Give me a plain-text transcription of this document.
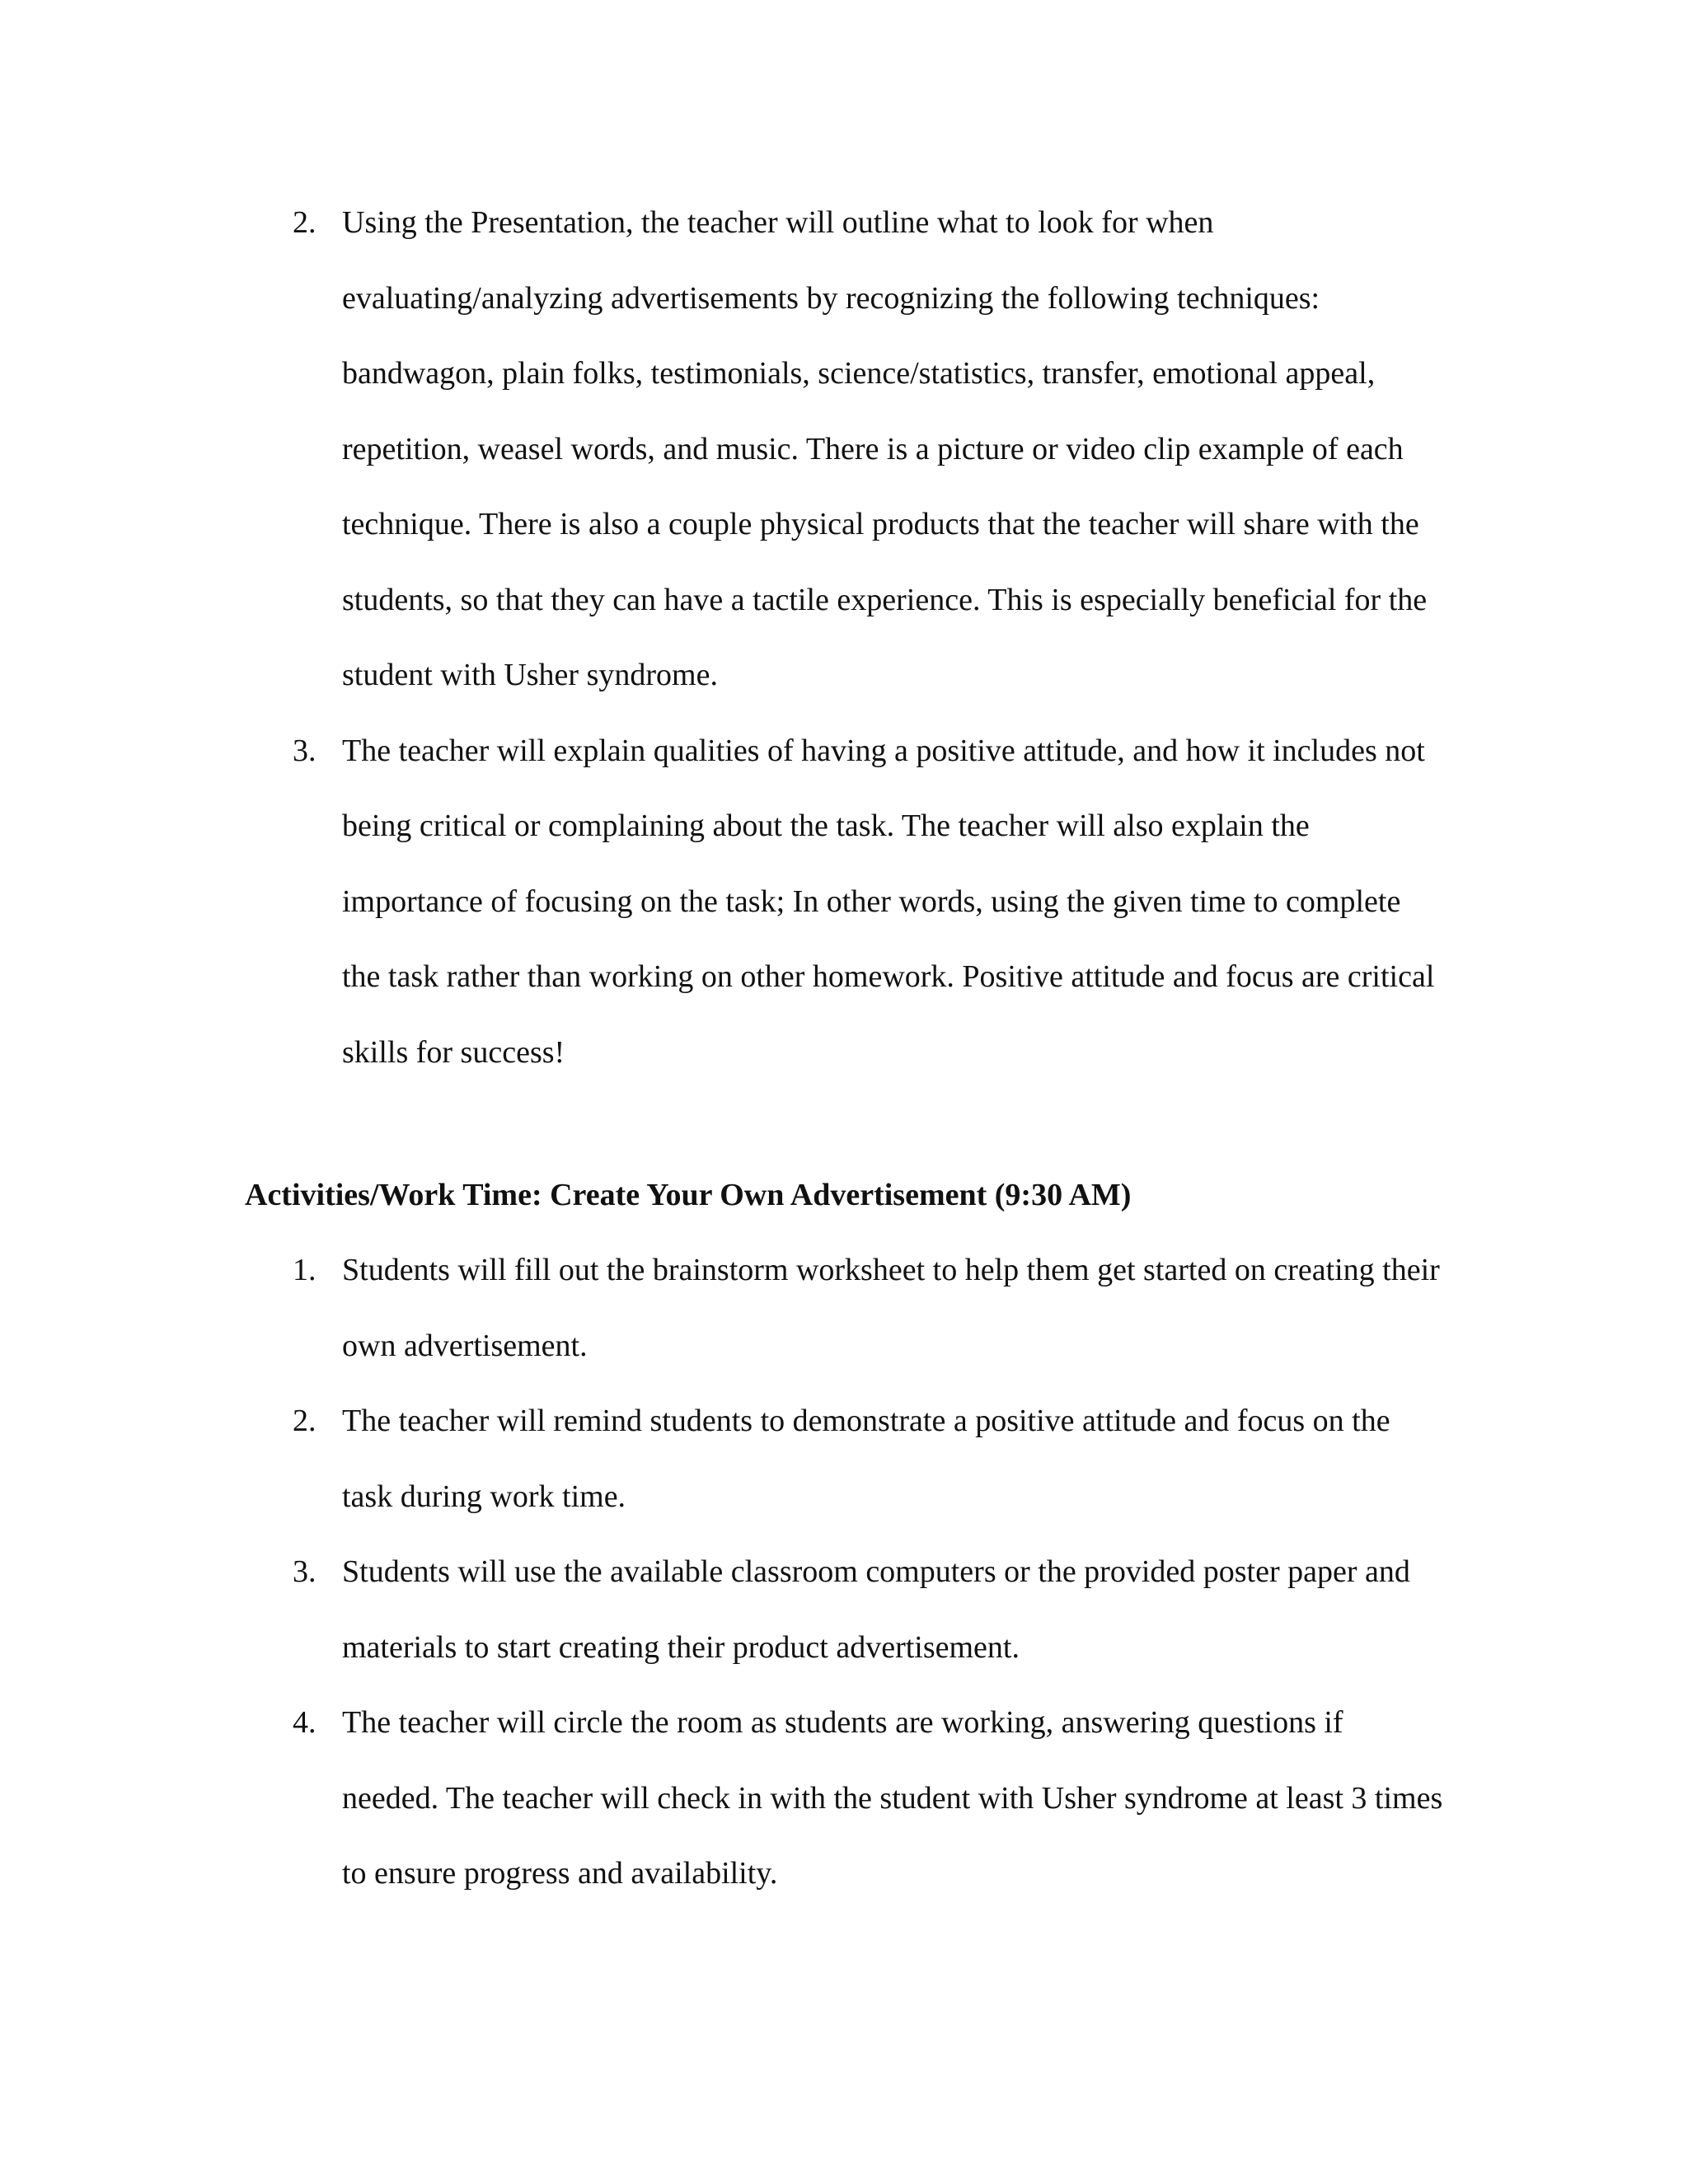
2. Using the Presentation, the teacher will outline what to look for when evaluating/analyzing advertisements by recognizing the following techniques: bandwagon, plain folks, testimonials, science/statistics, transfer, emotional appeal, repetition, weasel words, and music. There is a picture or video clip example of each technique. There is also a couple physical products that the teacher will share with the students, so that they can have a tactile experience. This is especially beneficial for the student with Usher syndrome.
3. The teacher will explain qualities of having a positive attitude, and how it includes not being critical or complaining about the task. The teacher will also explain the importance of focusing on the task; In other words, using the given time to complete the task rather than working on other homework. Positive attitude and focus are critical skills for success!
Activities/Work Time: Create Your Own Advertisement (9:30 AM)
1. Students will fill out the brainstorm worksheet to help them get started on creating their own advertisement.
2. The teacher will remind students to demonstrate a positive attitude and focus on the task during work time.
3. Students will use the available classroom computers or the provided poster paper and materials to start creating their product advertisement.
4. The teacher will circle the room as students are working, answering questions if needed. The teacher will check in with the student with Usher syndrome at least 3 times to ensure progress and availability.
